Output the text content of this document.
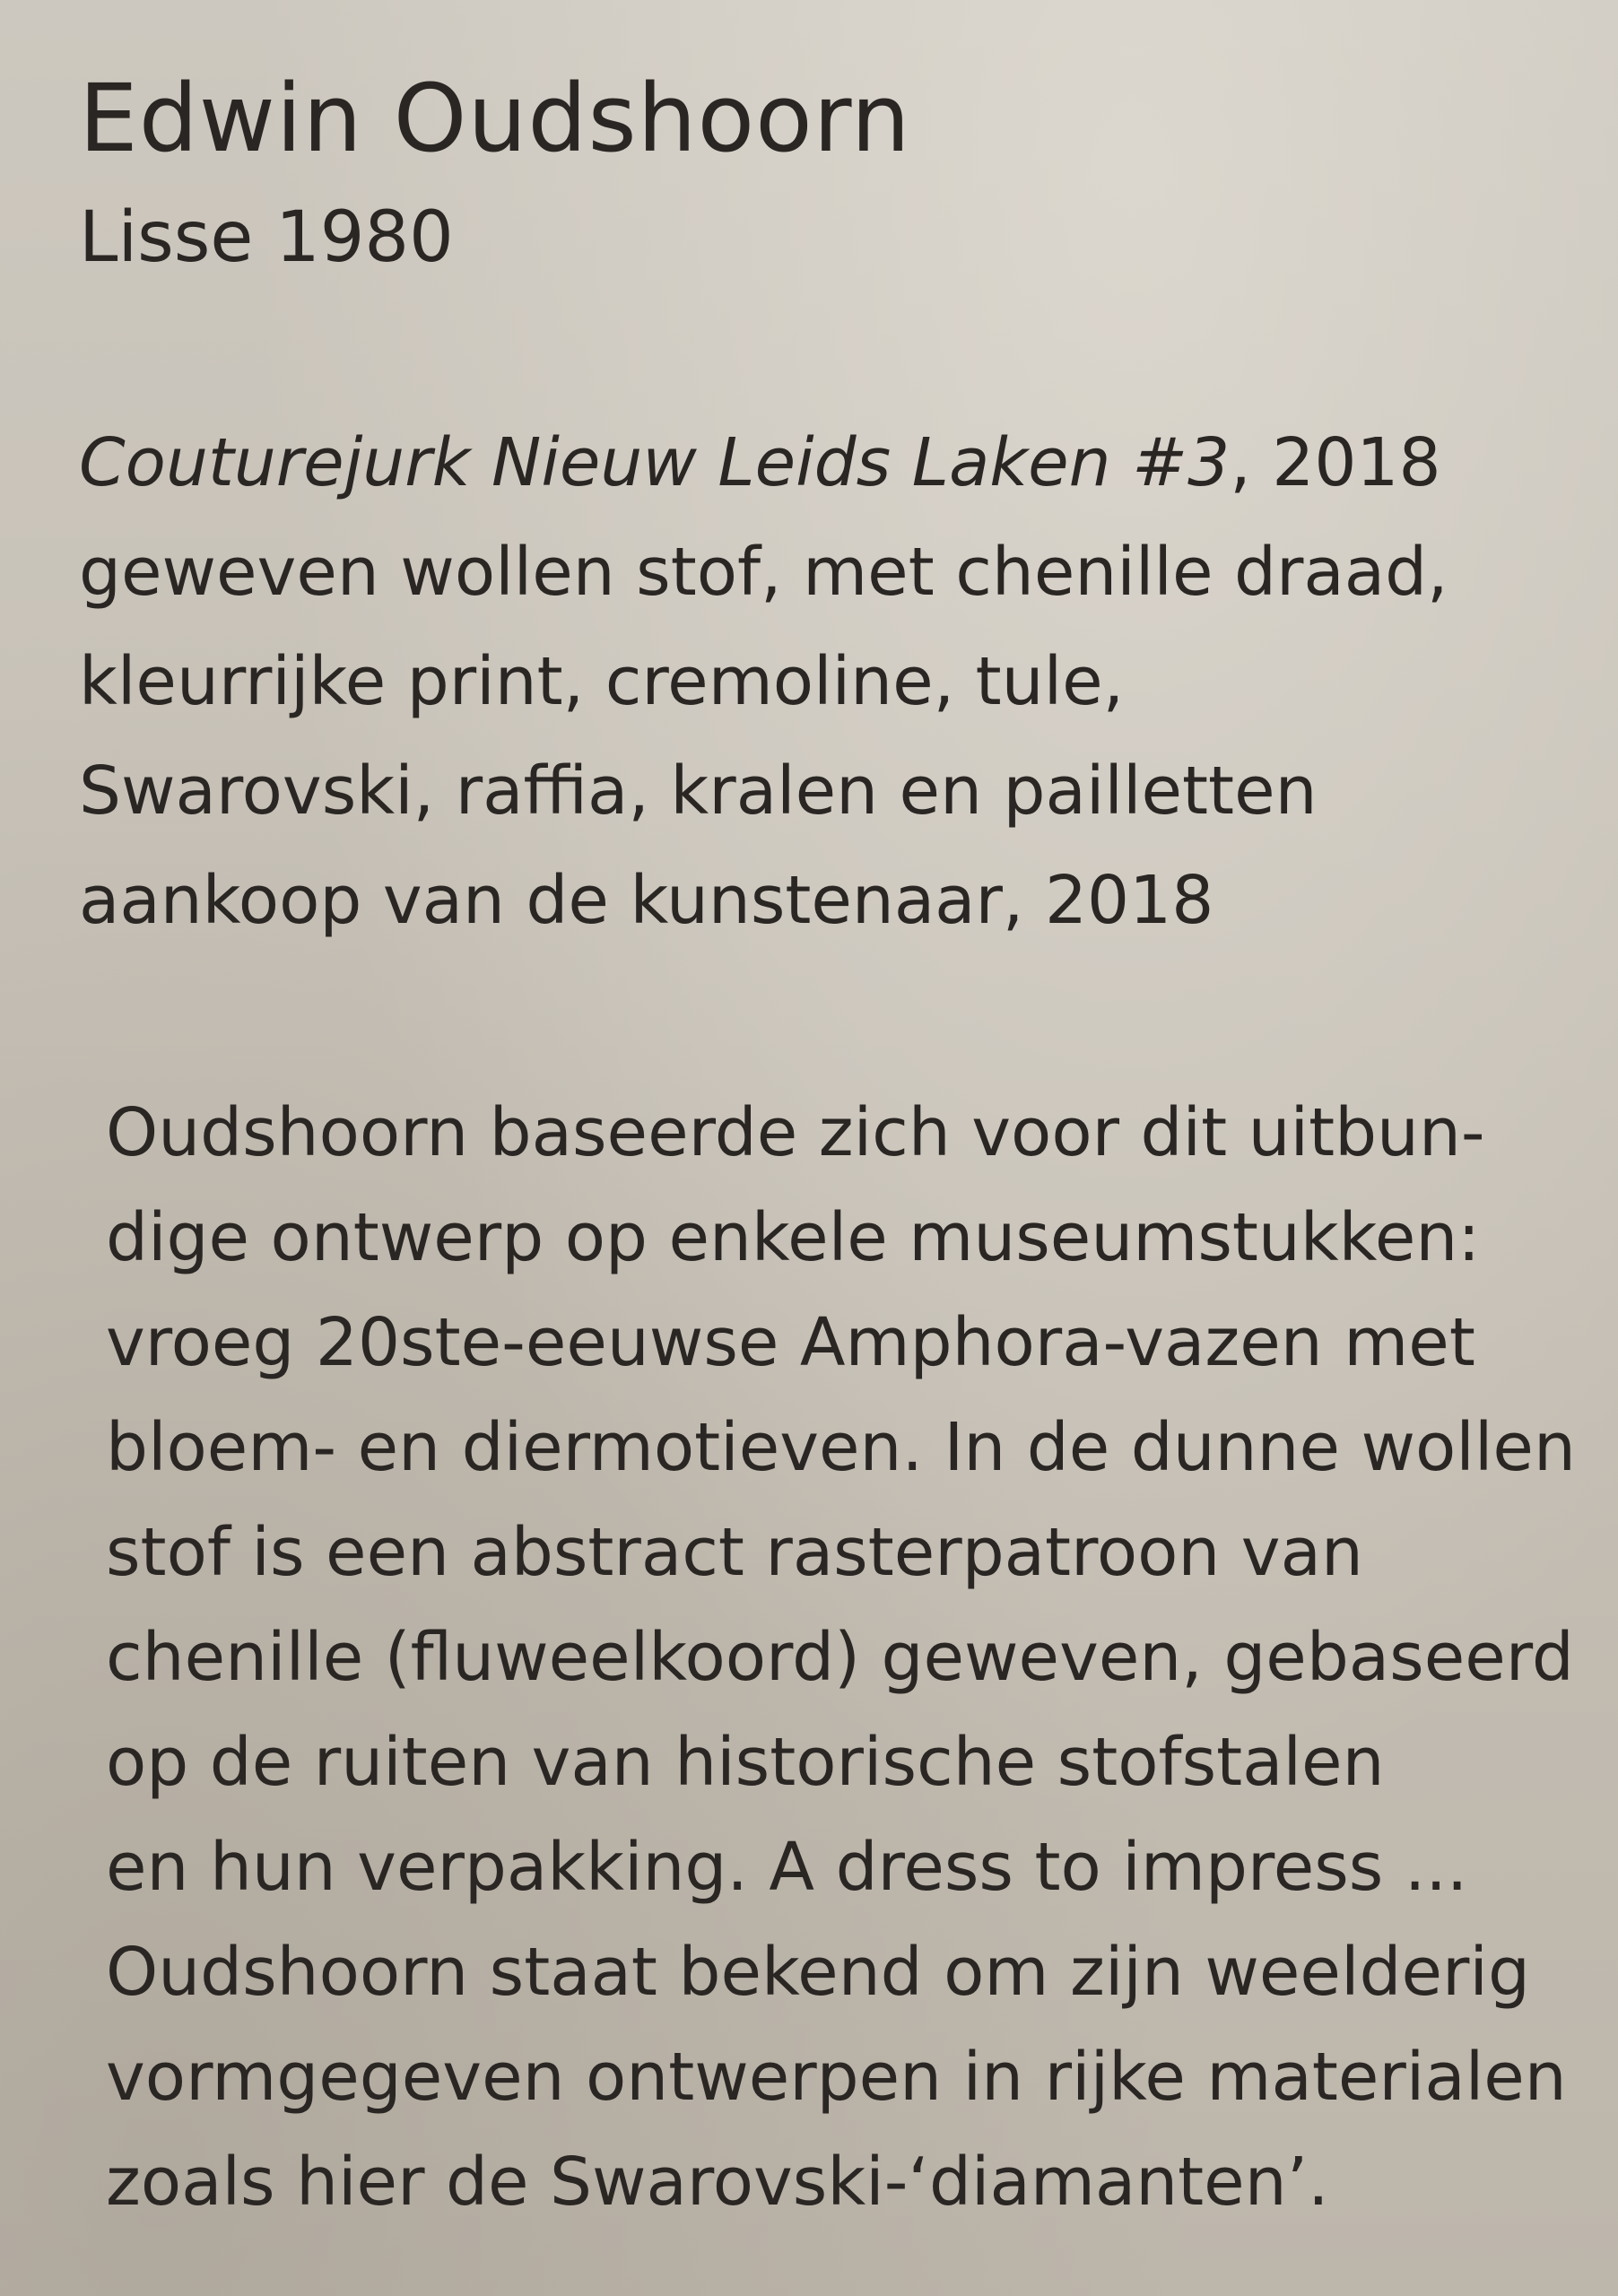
Edwin Oudshoorn

Lisse 1980

Couturejurk Nieuw Leids Laken #3, 2018
geweven wollen stof, met chenille draad,
kleurrijke print, cremoline, tule,
Swarovski, raffia, kralen en pailletten
aankoop van de kunstenaar, 2018
Oudshoorn baseerde zich voor dit uitbun-
dige ontwerp op enkele museumstukken:
vroeg 20ste-eeuwse Amphora-vazen met
bloem- en diermotieven. In de dunne wollen
stof is een abstract rasterpatroon van
chenille (fluweelkoord) geweven, gebaseerd
op de ruiten van historische stofstalen
en hun verpakking. A dress to impress ...
Oudshoorn staat bekend om zijn weelderig
vormgegeven ontwerpen in rijke materialen
zoals hier de Swarovski-‘diamanten’.
